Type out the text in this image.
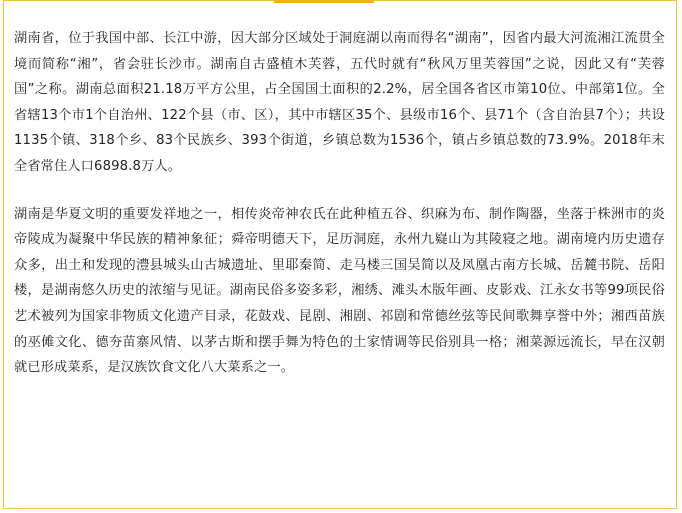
湖南省，位于我国中部、长江中游，因大部分区域处于洞庭湖以南而得名“湖南”，因省内最大河流湘江流贯全境而简称“湘”，省会驻长沙市。湖南自古盛植木芙蓉，五代时就有“秋风万里芙蓉国”之说，因此又有“芙蓉国”之称。湖南总面积21.18万平方公里，占全国国土面积的2.2%，居全国各省区市第10位、中部第1位。全省辖13个市1个自治州、122个县（市、区），其中市辖区35个、县级市16个、县71个（含自治县7个）；共设1135个镇、318个乡、83个民族乡、393个街道，乡镇总数为1536个，镇占乡镇总数的73.9%。2018年末全省常住人口6898.8万人。

湖南是华夏文明的重要发祥地之一，相传炎帝神农氏在此种植五谷、织麻为布、制作陶器，坐落于株洲市的炎帝陵成为凝聚中华民族的精神象征；舜帝明德天下，足历洞庭，永州九嶷山为其陵寝之地。湖南境内历史遗存众多，出土和发现的澧县城头山古城遗址、里耶秦简、走马楼三国吴简以及凤凰古南方长城、岳麓书院、岳阳楼，是湖南悠久历史的浓缩与见证。湖南民俗多姿多彩，湘绣、滩头木版年画、皮影戏、江永女书等99项民俗艺术被列为国家非物质文化遗产目录，花鼓戏、昆剧、湘剧、祁剧和常德丝弦等民间歌舞享誉中外；湘西苗族的巫傩文化、德夯苗寨风情、以茅古斯和摆手舞为特色的土家情调等民俗别具一格；湘菜源远流长，早在汉朝就已形成菜系，是汉族饮食文化八大菜系之一。
